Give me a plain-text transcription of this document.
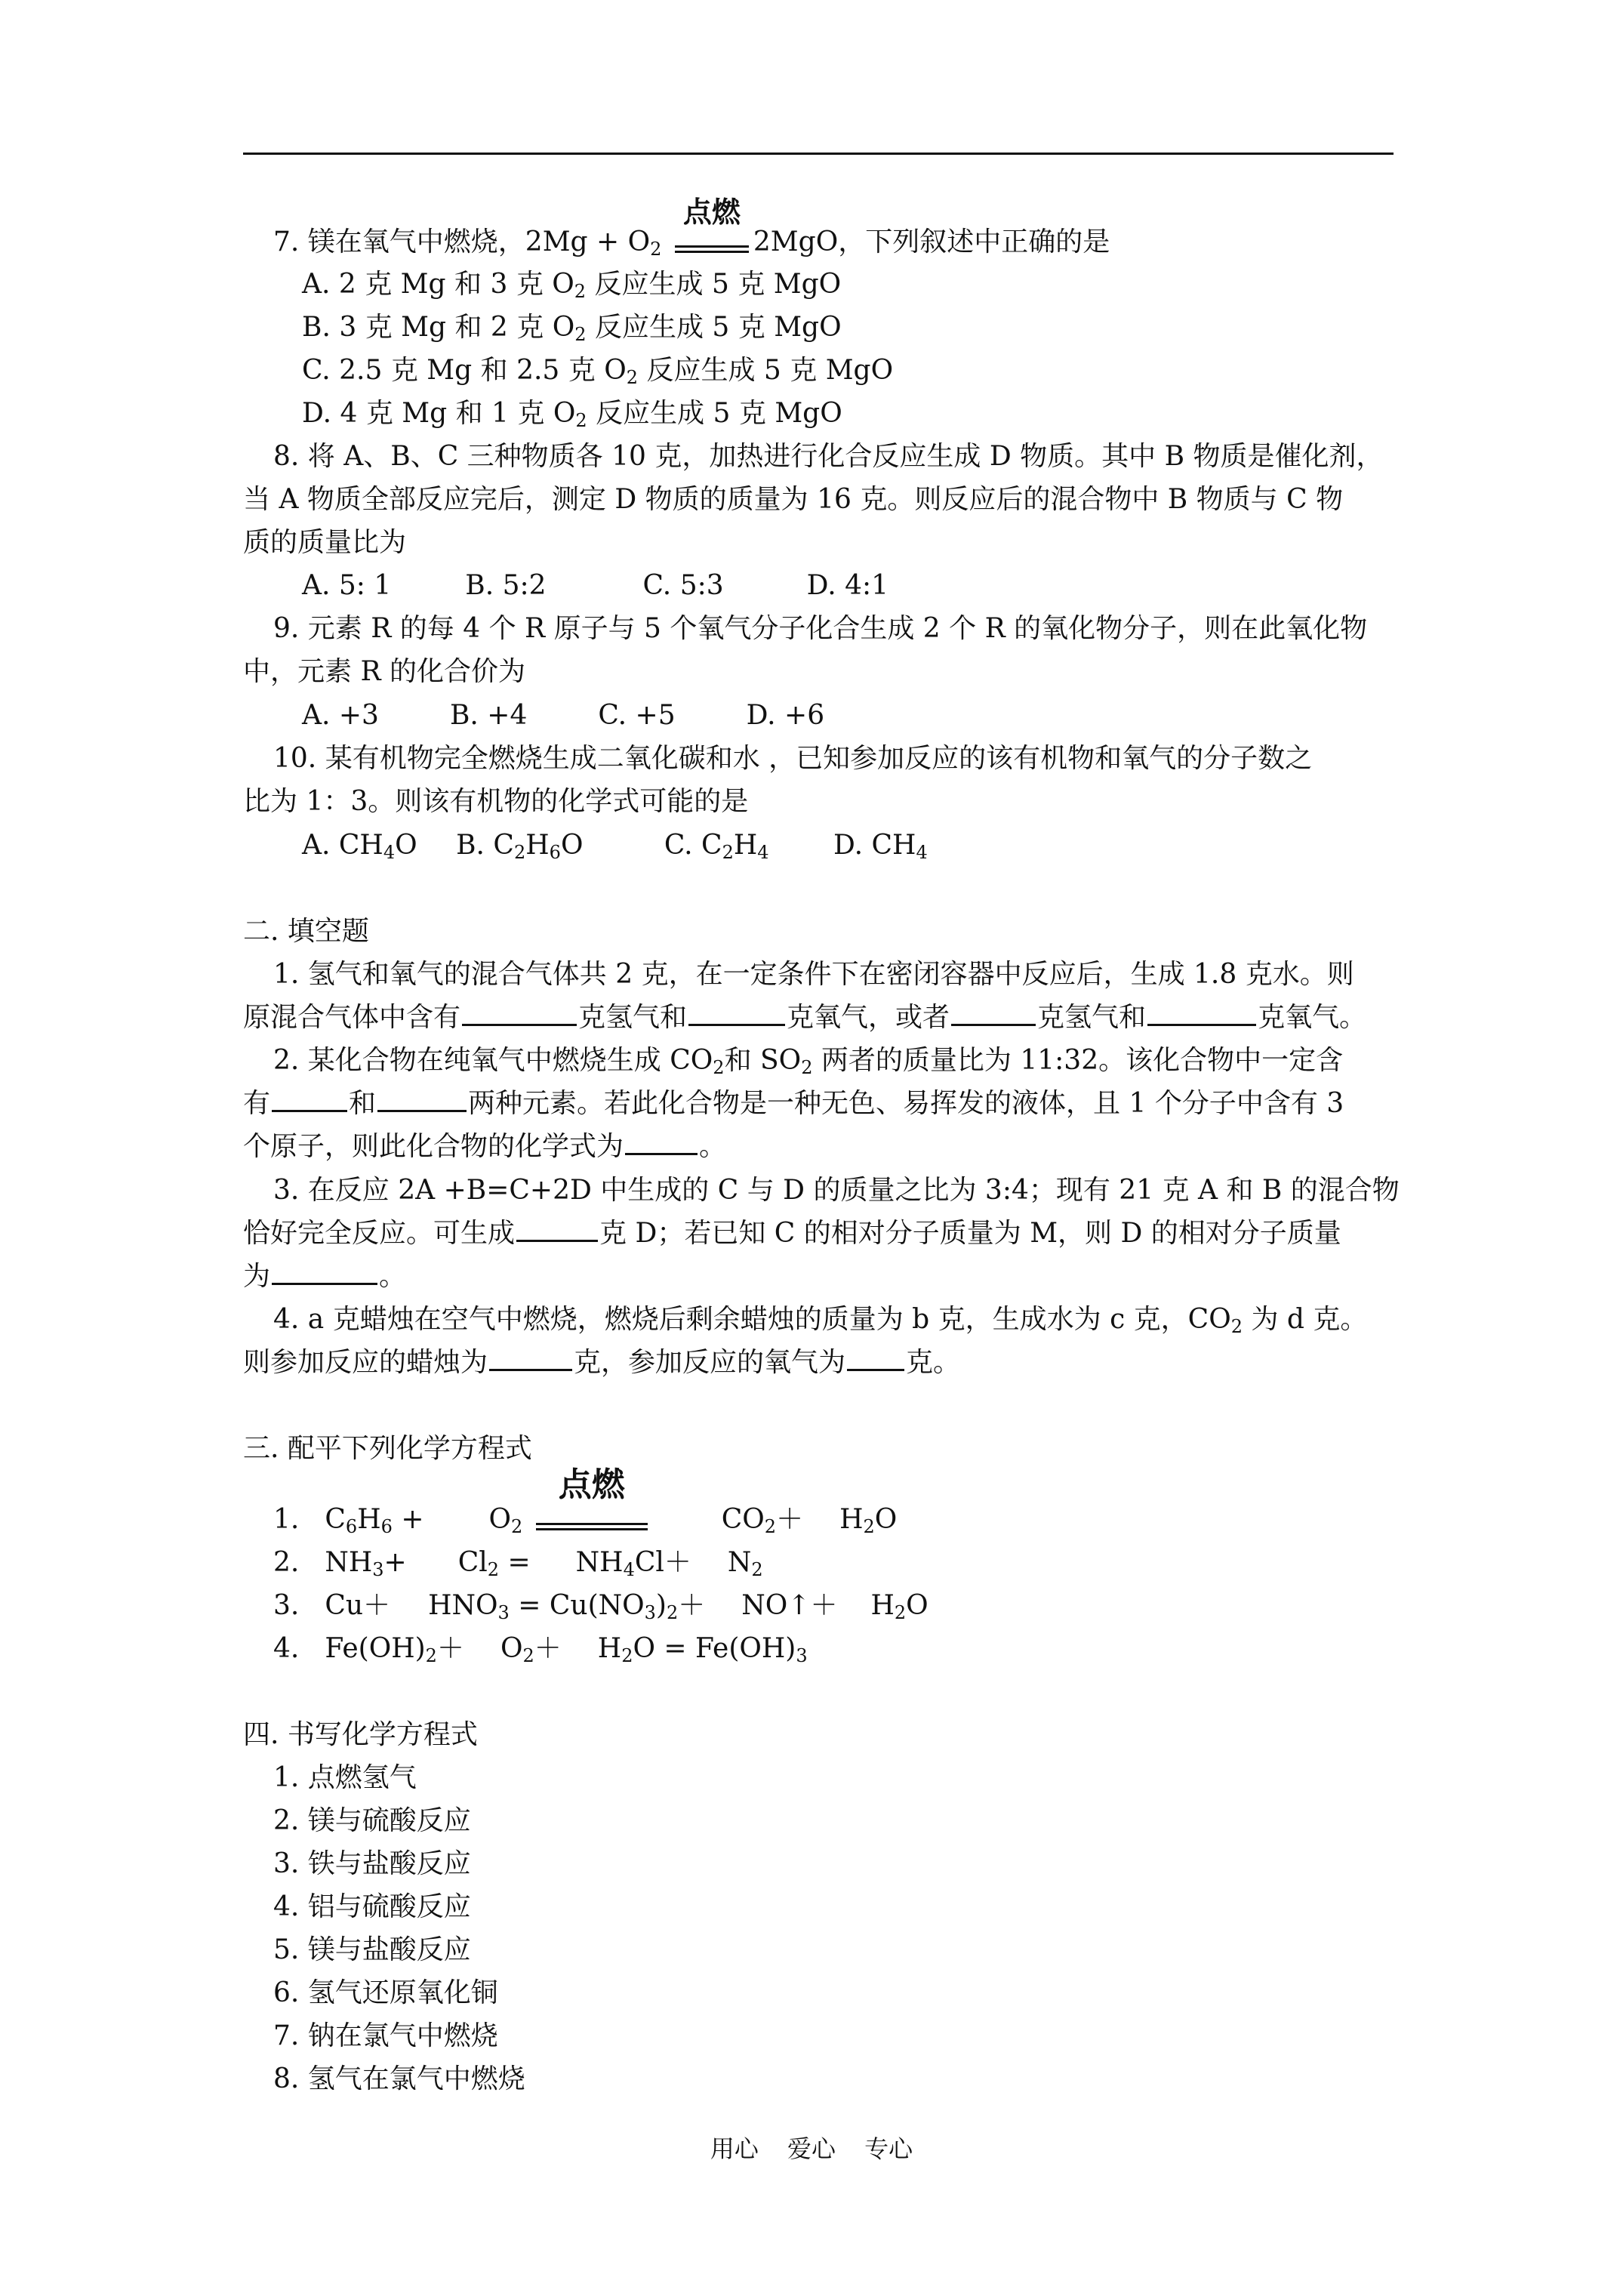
7. 镁在氧气中燃烧，$2Mg + O_2$
点燃
2MgO，下列叙述中正确的是
A. 2 克 Mg 和 3 克 $O_2$ 反应生成 5 克 MgO
B. 3 克 Mg 和 2 克 $O_2$ 反应生成 5 克 MgO
C. 2.5 克 Mg 和 2.5 克 $O_2$ 反应生成 5 克 MgO
D. 4 克 Mg 和 1 克 $O_2$ 反应生成 5 克 MgO
8. 将 A、B、C 三种物质各 10 克，加热进行化合反应生成 D 物质。其中 B 物质是催化剂，
当 A 物质全部反应完后，测定 D 物质的质量为 16 克。则反应后的混合物中 B 物质与 C 物
质的质量比为
A. 5: 1	B. 5:2	C. 5:3	D. 4:1
9. 元素 R 的每 4 个 R 原子与 5 个氧气分子化合生成 2 个 R 的氧化物分子，则在此氧化物
中，元素 R 的化合价为
A. +3	B. +4	C. +5	D. +6
10. 某有机物完全燃烧生成二氧化碳和水 ，已知参加反应的该有机物和氧气的分子数之
比为 1：3。则该有机物的化学式可能的是
A. $CH_4O$ B. $C_2H_6O$	C. $C_2H_4$ D. $CH_4$
二. 填空题
1. 氢气和氧气的混合气体共 2 克，在一定条件下在密闭容器中反应后，生成 1.8 克水。则
原混合气体中含有	克氢气和	克氧气，或者	克氢气和	克氧气。
2. 某化合物在纯氧气中燃烧生成 $CO_2$和 $SO_2$ 两者的质量比为 11:32。该化合物中一定含
有	和	两种元素。若此化合物是一种无色、易挥发的液体，且 1 个分子中含有 3
个原子，则此化合物的化学式为	。
3. 在反应 2A +B=C+2D 中生成的 C 与 D 的质量之比为 3:4；现有 21 克 A 和 B 的混合物
恰好完全反应。可生成	克 D；若已知 C 的相对分子质量为 M，则 D 的相对分子质量
为	。
4. a 克蜡烛在空气中燃烧，燃烧后剩余蜡烛的质量为 b 克，生成水为 c 克，$CO_2$ 为 d 克。
则参加反应的蜡烛为	克，参加反应的氧气为 克。
三. 配平下列化学方程式
1. $C_6H_6 + O_2$
点燃
$CO_2+ H_2O$
2. $NH_3+ Cl_2 = NH_4Cl+ N_2$
3. $Cu+ HNO_3 = Cu(NO_3)_2+$ NO↑＋ $H_2O$
4. $Fe(OH)_2+ O_2+ H_2O = Fe(OH)_3$
四. 书写化学方程式
1. 点燃氢气
2. 镁与硫酸反应
3. 铁与盐酸反应
4. 铝与硫酸反应
5. 镁与盐酸反应
6. 氢气还原氧化铜
7. 钠在氯气中燃烧
8. 氢气在氯气中燃烧
用心 爱心 专心
